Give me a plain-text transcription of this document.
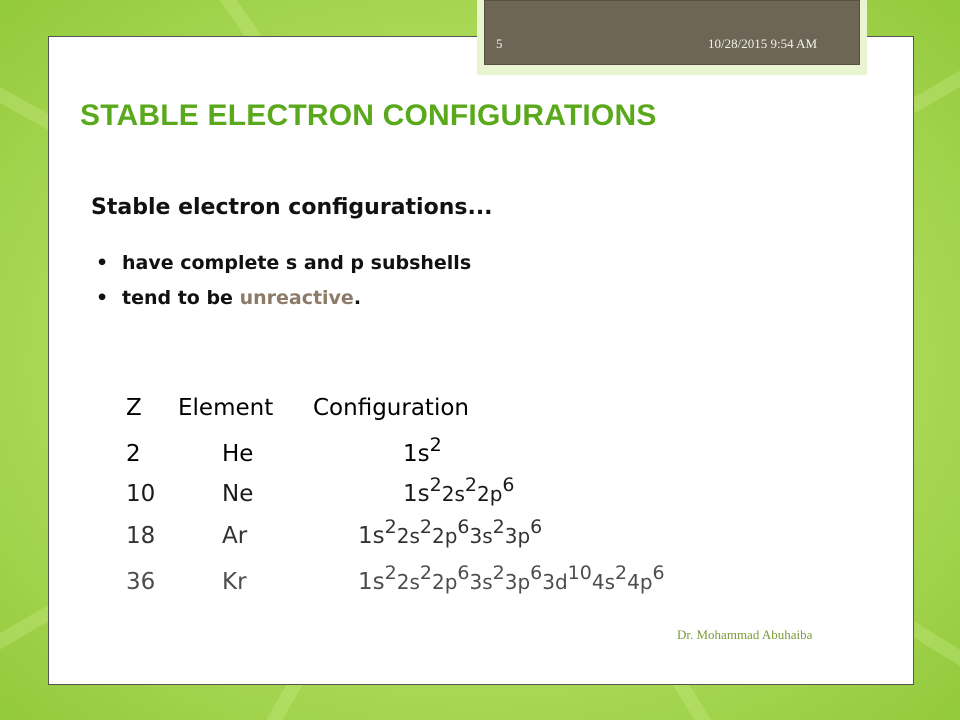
5	10/28/2015 9:54 AM
STABLE ELECTRON CONFIGURATIONS

Stable electron configurations...

• have complete s and p subshells
• tend to be unreactive.
Z Element Configuration
2	He	$1s^2$
10	Ne	$1s^22s^22p^6$
18	Ar	$1s^22s^22p^63s^23p^6$
36	Kr	$1s^22s^22p^63s^23p^63d^{10}4s^24p^6$
Dr. Mohammad Abuhaiba
